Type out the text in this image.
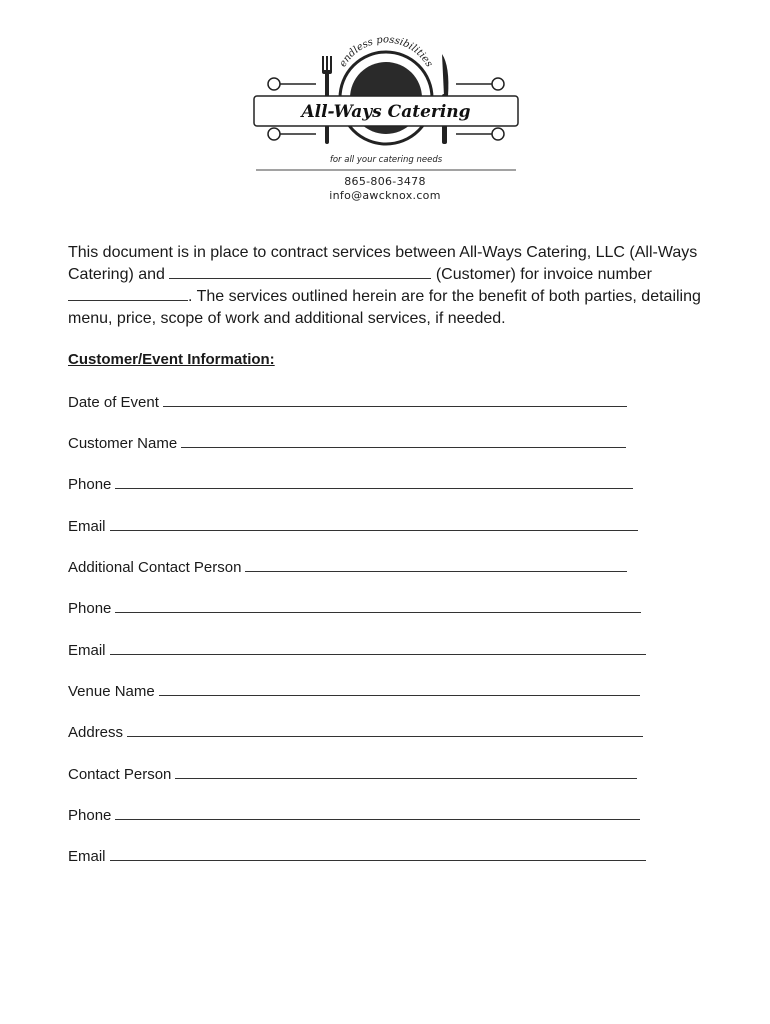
endless possibilities
All-Ways Catering
for all your catering needs
865-806-3478
info@awcknox.com

This document is in place to contract services between All-Ways Catering, LLC (All-Ways Catering) and	(Customer) for invoice number . The services outlined herein are for the benefit of both parties, detailing menu, price, scope of work and additional services, if needed.

Customer/Event Information:
Date of Event
Customer Name
Phone
Email
Additional Contact Person
Phone
Email
Venue Name
Address
Contact Person
Phone
Email
